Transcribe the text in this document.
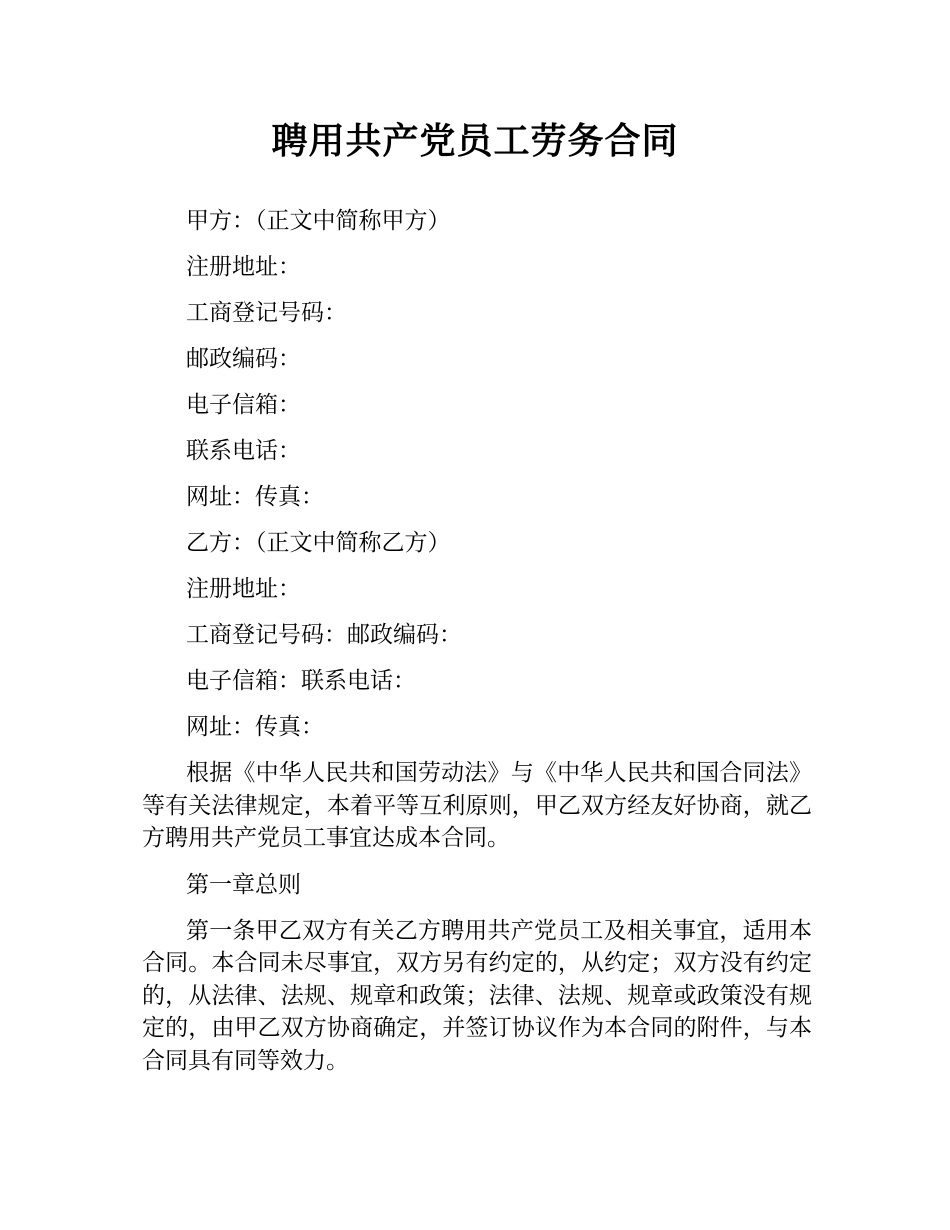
聘用共产党员工劳务合同

甲方：（正文中简称甲方）

注册地址：

工商登记号码：

邮政编码：

电子信箱：

联系电话：

网址：传真：

乙方：（正文中简称乙方）

注册地址：

工商登记号码：邮政编码：

电子信箱：联系电话：

网址：传真：

根据《中华人民共和国劳动法》与《中华人民共和国合同法》等有关法律规定，本着平等互利原则，甲乙双方经友好协商，就乙方聘用共产党员工事宜达成本合同。

第一章总则

第一条甲乙双方有关乙方聘用共产党员工及相关事宜，适用本合同。本合同未尽事宜，双方另有约定的，从约定；双方没有约定的，从法律、法规、规章和政策；法律、法规、规章或政策没有规定的，由甲乙双方协商确定，并签订协议作为本合同的附件，与本合同具有同等效力。
